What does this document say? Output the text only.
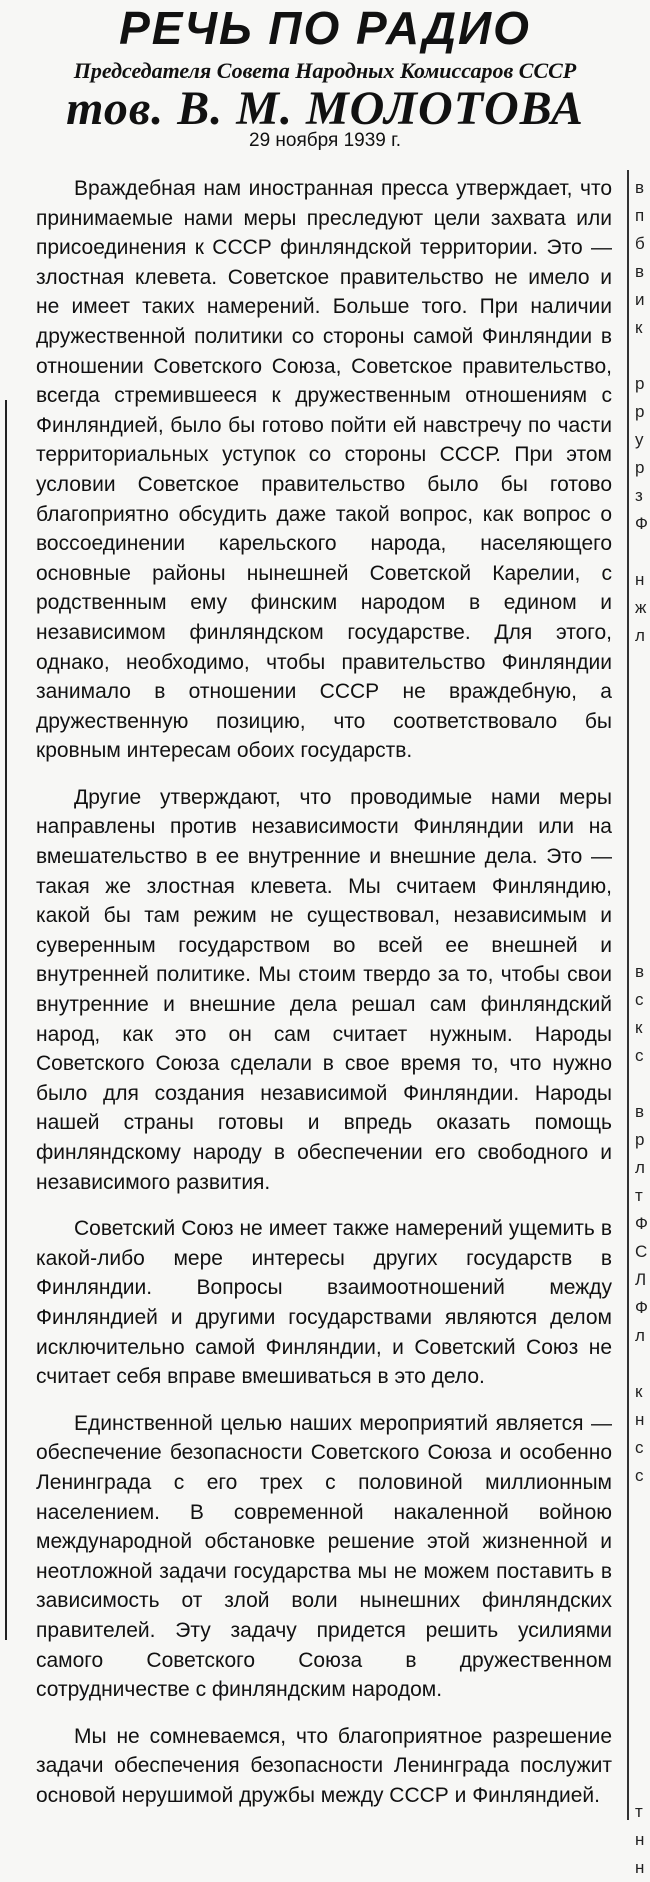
РЕЧЬ ПО РАДИО
Председателя Совета Народных Комиссаров СССР
тов. В. М. МОЛОТОВА
29 ноября 1939 г.

Враждебная нам иностранная пресса утверждает, что принимаемые нами меры преследуют цели захвата или присоединения к СССР финляндской территории. Это — злостная клевета. Советское правительство не имело и не имеет таких намерений. Больше того. При наличии дружественной политики со стороны самой Финляндии в отношении Советского Союза, Советское правительство, всегда стремившееся к дружественным отношениям с Финляндией, было бы готово пойти ей навстречу по части территориальных уступок со стороны СССР. При этом условии Советское правительство было бы готово благоприятно обсудить даже такой вопрос, как вопрос о воссоединении карельского народа, населяющего основные районы нынешней Советской Карелии, с родственным ему финским народом в едином и независимом финляндском государстве. Для этого, однако, необходимо, чтобы правительство Финляндии занимало в отношении СССР не враждебную, а дружественную позицию, что соответствовало бы кровным интересам обоих государств.

Другие утверждают, что проводимые нами меры направлены против независимости Финляндии или на вмешательство в ее внутренние и внешние дела. Это — такая же злостная клевета. Мы считаем Финляндию, какой бы там режим не существовал, независимым и суверенным государством во всей ее внешней и внутренней политике. Мы стоим твердо за то, чтобы свои внутренние и внешние дела решал сам финляндский народ, как это он сам считает нужным. Народы Советского Союза сделали в свое время то, что нужно было для создания независимой Финляндии. Народы нашей страны готовы и впредь оказать помощь финляндскому народу в обеспечении его свободного и независимого развития.

Советский Союз не имеет также намерений ущемить в какой-либо мере интересы других государств в Финляндии. Вопросы взаимоотношений между Финляндией и другими государствами являются делом исключительно самой Финляндии, и Советский Союз не считает себя вправе вмешиваться в это дело.

Единственной целью наших мероприятий является — обеспечение безопасности Советского Союза и особенно Ленинграда с его трех с половиной миллионным населением. В современной накаленной войною международной обстановке решение этой жизненной и неотложной задачи государства мы не можем поставить в зависимость от злой воли нынешних финляндских правителей. Эту задачу придется решить усилиями самого Советского Союза в дружественном сотрудничестве с финляндским народом.

Мы не сомневаемся, что благоприятное разрешение задачи обеспечения безопасности Ленинграда послужит основой нерушимой дружбы между СССР и Финляндией.

в
п
б
в
и
к
р
р
у
р
з
Ф
н
ж
л
в
с
к
с
в
р
л
т
Ф
С
Л
Ф
л
к
н
с
с
т
н
н
